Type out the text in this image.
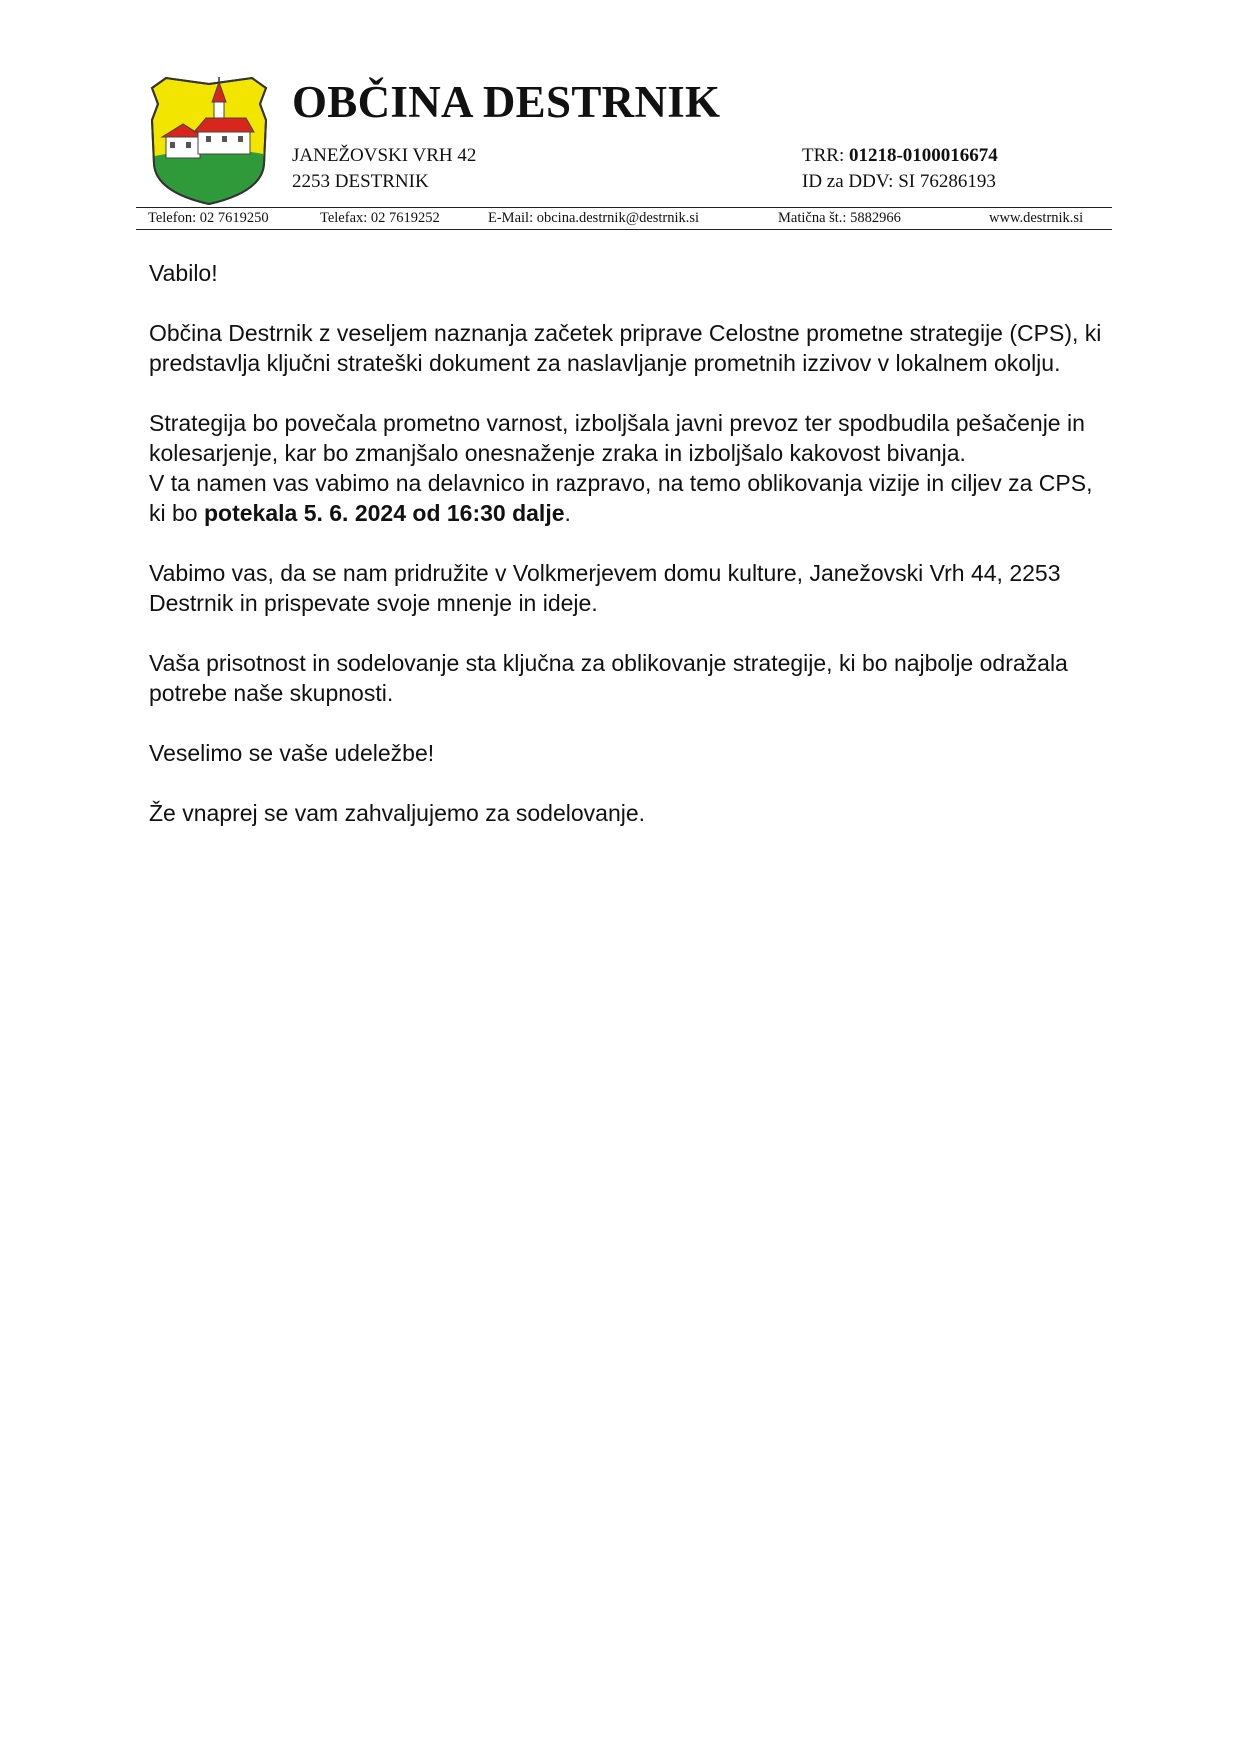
OBČINA DESTRNIK
JANEŽOVSKI VRH 42
2253 DESTRNIK
TRR: 01218-0100016674
ID za DDV: SI 76286193
Telefon: 02 7619250	Telefax: 02 7619252	E-Mail: obcina.destrnik@destrnik.si	Matična št.: 5882966	www.destrnik.si

Vabilo!

Občina Destrnik z veseljem naznanja začetek priprave Celostne prometne strategije (CPS), ki predstavlja ključni strateški dokument za naslavljanje prometnih izzivov v lokalnem okolju.

Strategija bo povečala prometno varnost, izboljšala javni prevoz ter spodbudila pešačenje in kolesarjenje, kar bo zmanjšalo onesnaženje zraka in izboljšalo kakovost bivanja.

V ta namen vas vabimo na delavnico in razpravo, na temo oblikovanja vizije in ciljev za CPS, ki bo potekala 5. 6. 2024 od 16:30 dalje.

Vabimo vas, da se nam pridružite v Volkmerjevem domu kulture, Janežovski Vrh 44, 2253 Destrnik in prispevate svoje mnenje in ideje.

Vaša prisotnost in sodelovanje sta ključna za oblikovanje strategije, ki bo najbolje odražala potrebe naše skupnosti.

Veselimo se vaše udeležbe!

Že vnaprej se vam zahvaljujemo za sodelovanje.
